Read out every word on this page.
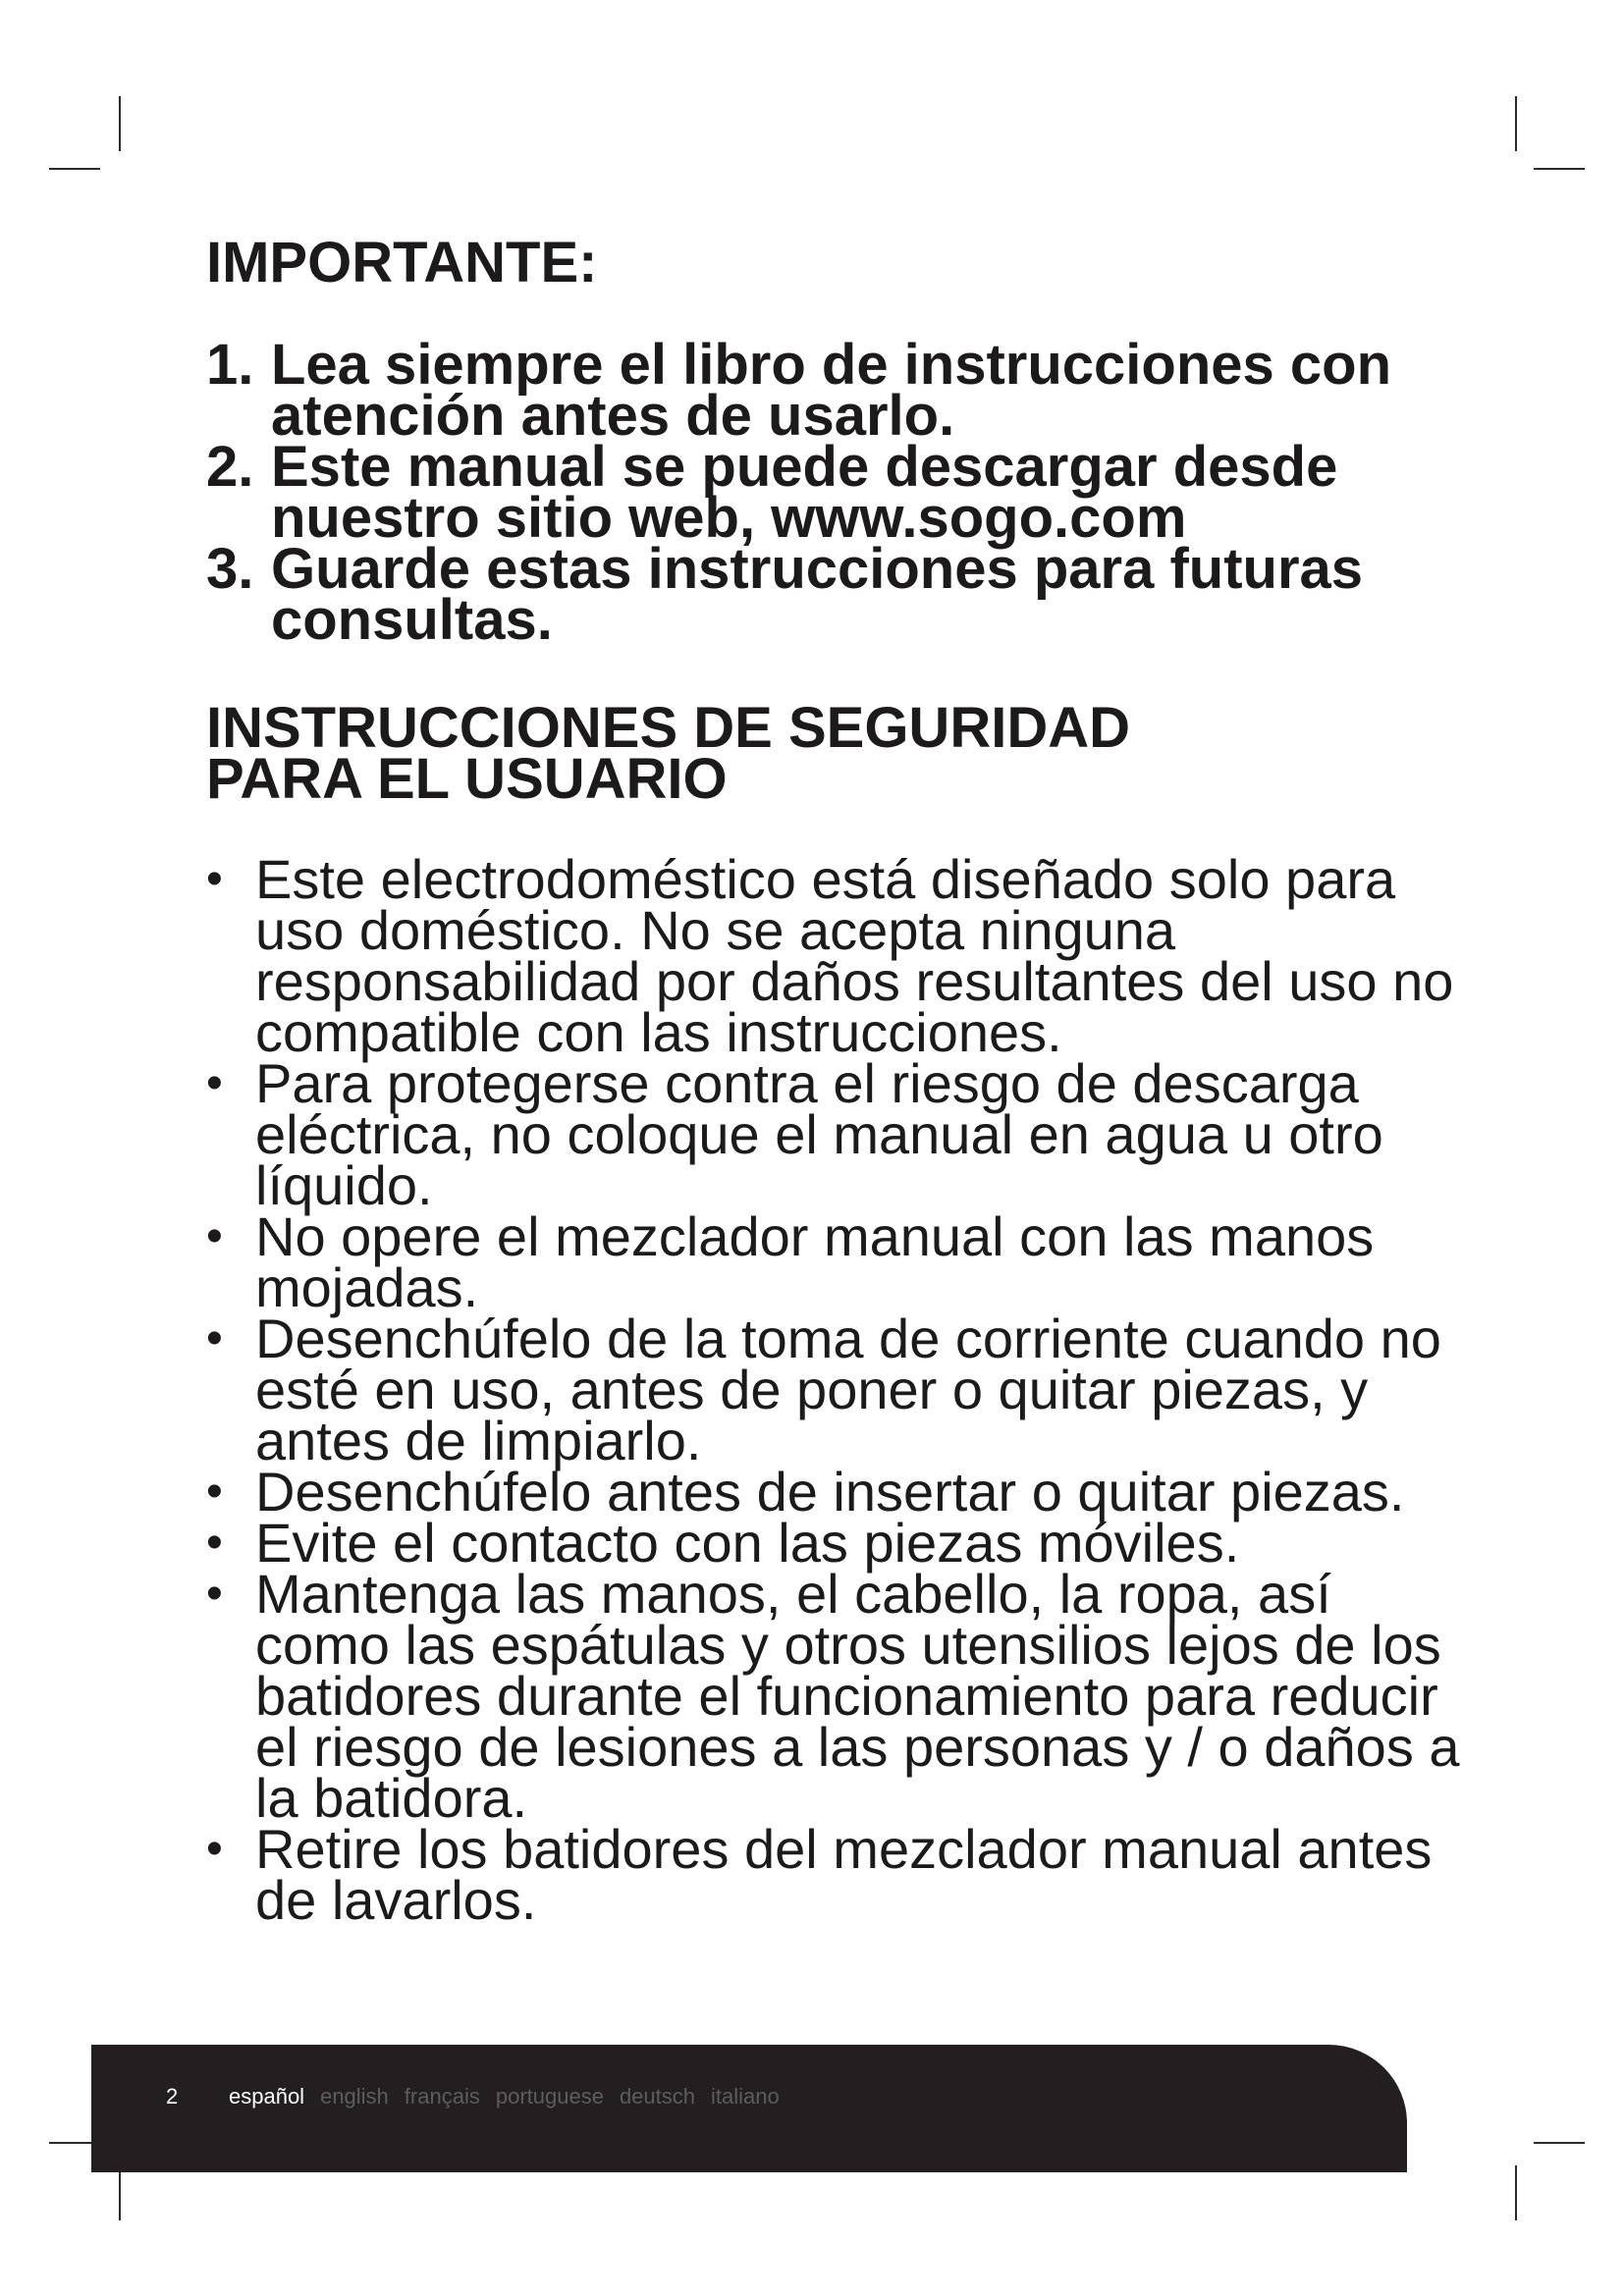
IMPORTANTE:
1. Lea siempre el libro de instrucciones con atención antes de usarlo.
2. Este manual se puede descargar desde nuestro sitio web, www.sogo.com
3. Guarde estas instrucciones para futuras consultas.
INSTRUCCIONES DE SEGURIDAD
PARA EL USUARIO
• Este electrodoméstico está diseñado solo para uso doméstico. No se acepta ninguna responsabilidad por daños resultantes del uso no compatible con las instrucciones.
• Para protegerse contra el riesgo de descarga eléctrica, no coloque el manual en agua u otro líquido.
• No opere el mezclador manual con las manos mojadas.
• Desenchúfelo de la toma de corriente cuando no esté en uso, antes de poner o quitar piezas, y antes de limpiarlo.
• Desenchúfelo antes de insertar o quitar piezas.
• Evite el contacto con las piezas móviles.
• Mantenga las manos, el cabello, la ropa, así como las espátulas y otros utensilios lejos de los batidores durante el funcionamiento para reducir el riesgo de lesiones a las personas y / o daños a la batidora.
• Retire los batidores del mezclador manual antes de lavarlos.
2 español english français portuguese deutsch italiano
